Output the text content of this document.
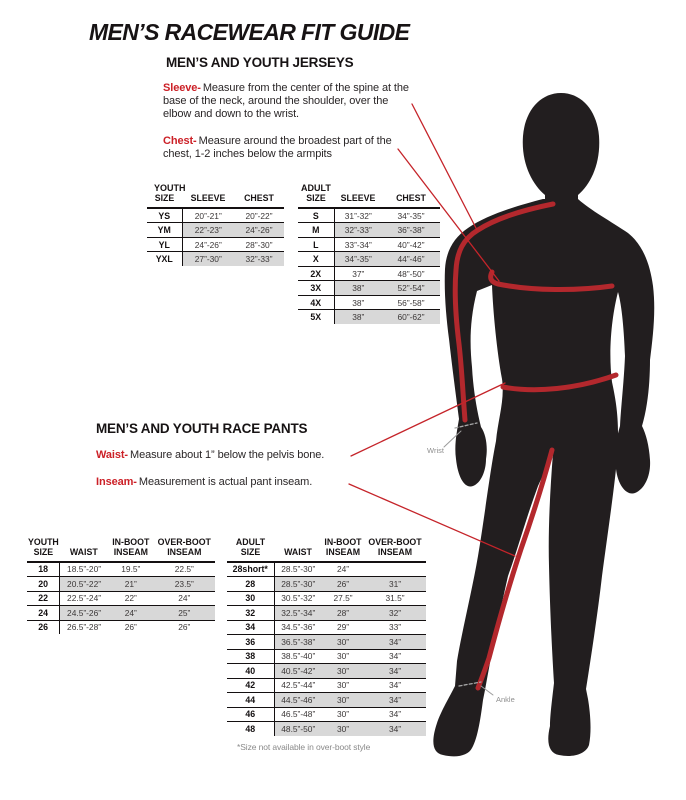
Wrist
Ankle
MEN’S RACEWEAR FIT GUIDE
MEN’S AND YOUTH JERSEYS

Sleeve- Measure from the center of the spine at the base of the neck, around the shoulder, over the elbow and down to the wrist.

Chest- Measure around the broadest part of the chest, 1-2 inches below the armpits

YOUTH
SIZE	SLEEVE	CHEST

YS	20”-21”	20”-22”
YM	22”-23”	24”-26”
YL	24”-26”	28”-30”
YXL	27”-30”	32”-33”
ADULT
SIZE	SLEEVE	CHEST

S	31”-32”	34”-35”
M	32”-33”	36”-38”
L	33”-34”	40”-42”
X	34”-35”	44”-46”
2X	37”	48”-50”
3X	38”	52”-54”
4X	38”	56”-58”
5X	38”	60”-62”
MEN’S AND YOUTH RACE PANTS

Waist- Measure about 1” below the pelvis bone.

Inseam- Measurement is actual pant inseam.

YOUTH
SIZE	WAIST

IN-BOOT
INSEAM

OVER-BOOT
INSEAM

18	18.5”-20”	19.5”	22.5”
20	20.5”-22”	21”	23.5”
22	22.5”-24”	22”	24”
24	24.5”-26”	24”	25”
26	26.5”-28”	26”	26”
ADULT
SIZE	WAIST

IN-BOOT
INSEAM

OVER-BOOT
INSEAM

28short*	28.5”-30”	24”	
28	28.5”-30”	26”	31”
30	30.5”-32”	27.5”	31.5”
32	32.5”-34”	28”	32”
34	34.5”-36”	29”	33”
36	36.5”-38”	30”	34”
38	38.5”-40”	30”	34”
40	40.5”-42”	30”	34”
42	42.5”-44”	30”	34”
44	44.5”-46”	30”	34”
46	46.5”-48”	30”	34”
48	48.5”-50”	30”	34”
*Size not available in over-boot style
